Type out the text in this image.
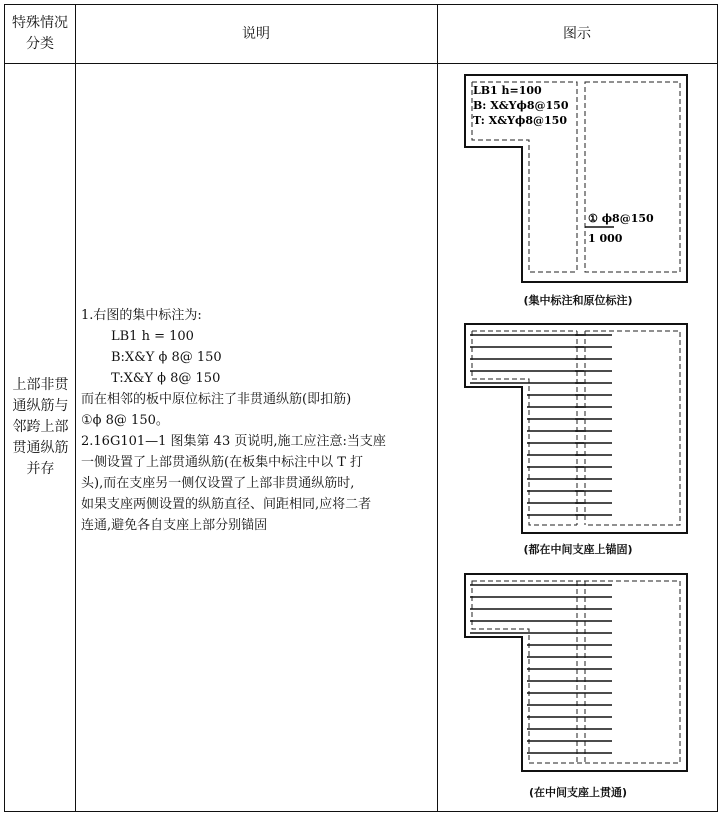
特殊情况
分类
说明	图示
上部非贯
通纵筋与
邻跨上部
贯通纵筋
并存

1.右图的集中标注为:

LB1 h = 100

B:X&Y ϕ 8@ 150

T:X&Y ϕ 8@ 150

而在相邻的板中原位标注了非贯通纵筋(即扣筋)

①ϕ 8@ 150。

2.16G101—1 图集第 43 页说明,施工应注意:当支座

一侧设置了上部贯通纵筋(在板集中标注中以 T 打

头),而在支座另一侧仅设置了上部非贯通纵筋时,

如果支座两侧设置的纵筋直径、间距相同,应将二者

连通,避免各自支座上部分别锚固

LB1 h=100
B: X&Yϕ8@150
T: X&Yϕ8@150
① ϕ8@150
1 000
(集中标注和原位标注)
(都在中间支座上锚固)
(在中间支座上贯通)
